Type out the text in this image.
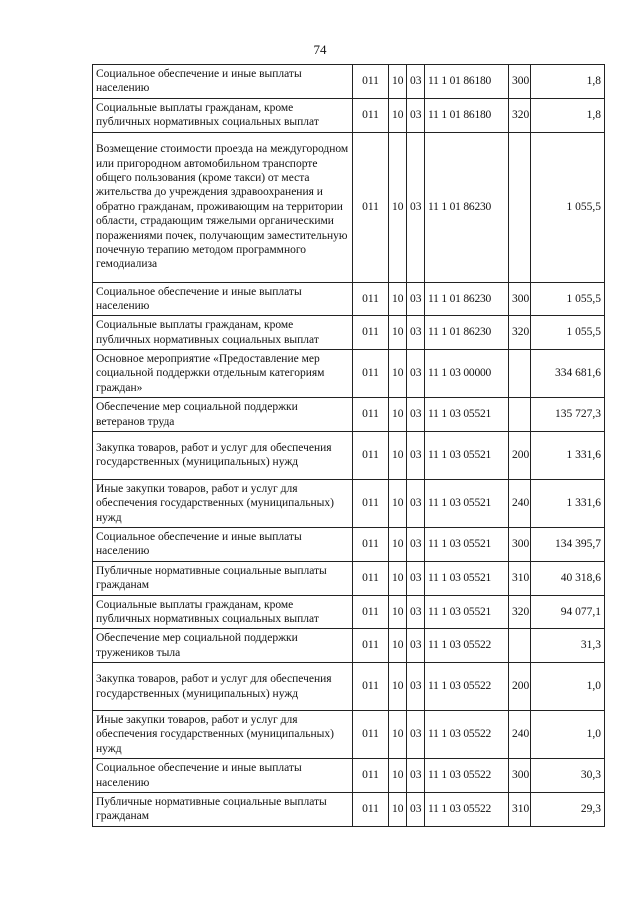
74
Социальное обеспечение и иные выплаты населению	011	10	03	11 1 01 86180	300	1,8
Социальные выплаты гражданам, кроме публичных нормативных социальных выплат	011	10	03	11 1 01 86180	320	1,8
Возмещение стоимости проезда на междугородном или пригородном автомобильном транспорте общего пользования (кроме такси) от места жительства до учреждения здравоохранения и обратно гражданам, проживающим на территории области, страдающим тяжелыми органическими поражениями почек, получающим заместительную почечную терапию методом программного гемодиализа	011	10	03	11 1 01 86230		1 055,5
Социальное обеспечение и иные выплаты населению	011	10	03	11 1 01 86230	300	1 055,5
Социальные выплаты гражданам, кроме публичных нормативных социальных выплат	011	10	03	11 1 01 86230	320	1 055,5
Основное мероприятие «Предоставление мер социальной поддержки отдельным категориям граждан»	011	10	03	11 1 03 00000		334 681,6
Обеспечение мер социальной поддержки ветеранов труда	011	10	03	11 1 03 05521		135 727,3
Закупка товаров, работ и услуг для обеспечения государственных (муниципальных) нужд	011	10	03	11 1 03 05521	200	1 331,6
Иные закупки товаров, работ и услуг для обеспечения государственных (муниципальных) нужд	011	10	03	11 1 03 05521	240	1 331,6
Социальное обеспечение и иные выплаты населению	011	10	03	11 1 03 05521	300	134 395,7
Публичные нормативные социальные выплаты гражданам	011	10	03	11 1 03 05521	310	40 318,6
Социальные выплаты гражданам, кроме публичных нормативных социальных выплат	011	10	03	11 1 03 05521	320	94 077,1
Обеспечение мер социальной поддержки тружеников тыла	011	10	03	11 1 03 05522		31,3
Закупка товаров, работ и услуг для обеспечения государственных (муниципальных) нужд	011	10	03	11 1 03 05522	200	1,0
Иные закупки товаров, работ и услуг для обеспечения государственных (муниципальных) нужд	011	10	03	11 1 03 05522	240	1,0
Социальное обеспечение и иные выплаты населению	011	10	03	11 1 03 05522	300	30,3
Публичные нормативные социальные выплаты гражданам	011	10	03	11 1 03 05522	310	29,3
